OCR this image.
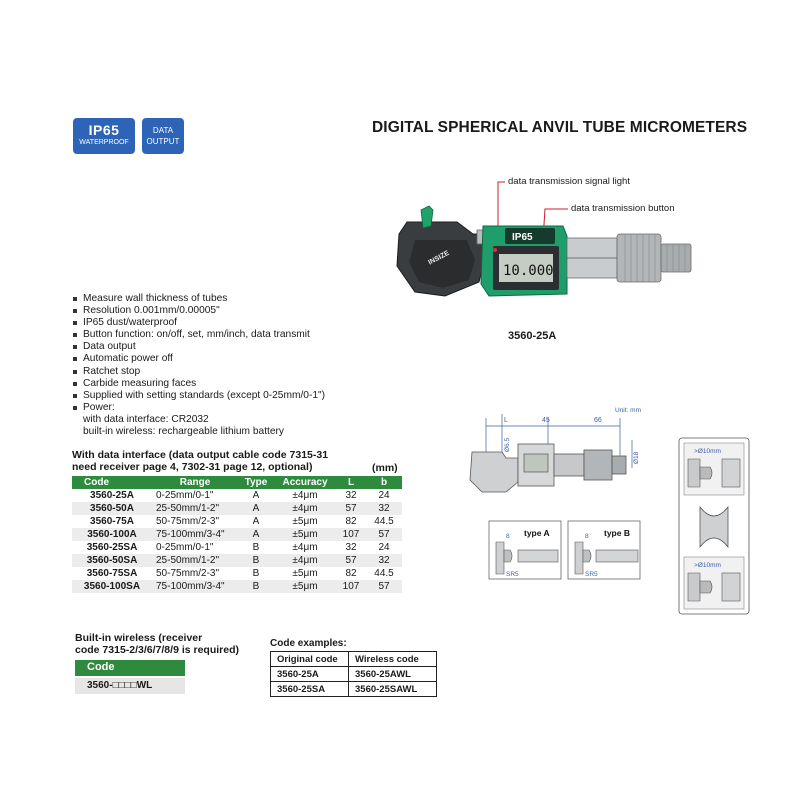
IP65
WATERPROOF
DATA
OUTPUT
DIGITAL SPHERICAL ANVIL TUBE MICROMETERS
INSIZE
IP65
10.000
data transmission signal light
data transmission button
3560-25A
Measure wall thickness of tubes
Resolution 0.001mm/0.00005"
IP65 dust/waterproof
Button function: on/off, set, mm/inch, data transmit
Data output
Automatic power off
Ratchet stop
Carbide measuring faces
Supplied with setting standards (except 0-25mm/0-1")
Power:
with data interface: CR2032
built-in wireless: rechargeable lithium battery
With data interface (data output cable code 7315-31
need receiver page 4, 7302-31 page 12, optional)	(mm)
Code	Range	Type	Accuracy	L	b
3560-25A	0-25mm/0-1"	A	±4μm	32	24
3560-50A	25-50mm/1-2"	A	±4μm	57	32
3560-75A	50-75mm/2-3"	A	±5μm	82	44.5
3560-100A	75-100mm/3-4"	A	±5μm	107	57
3560-25SA	0-25mm/0-1"	B	±4μm	32	24
3560-50SA	25-50mm/1-2"	B	±4μm	57	32
3560-75SA	50-75mm/2-3"	B	±5μm	82	44.5
3560-100SA	75-100mm/3-4"	B	±5μm	107	57
Built-in wireless (receiver
code 7315-2/3/6/7/8/9 is required)
Code
3560-□□□□WL
Code examples:
Original code	Wireless code
3560-25A	3560-25AWL
3560-25SA	3560-25SAWL
Unit: mm
L	45	66
Ø6.5
Ø18
type A	type B
8	8
SR5	SR5
>Ø10mm
>Ø10mm
